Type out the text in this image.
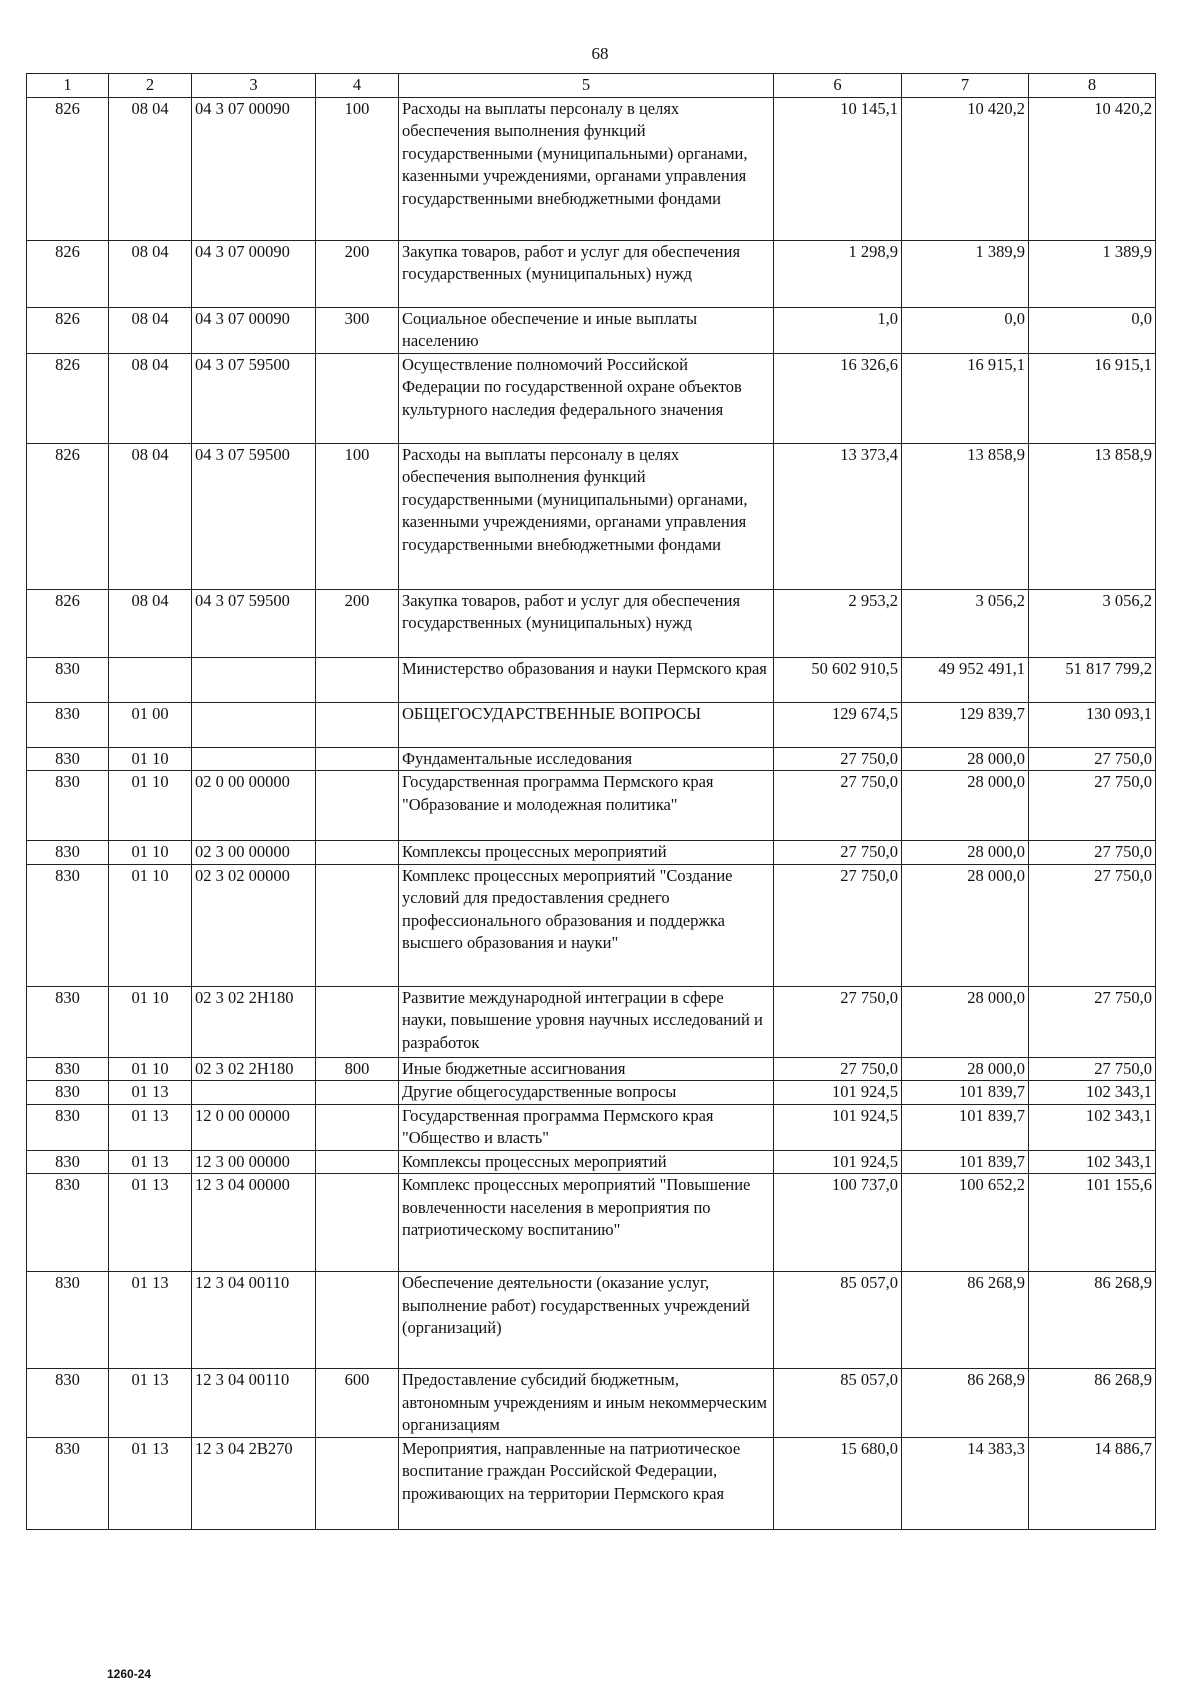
68
1	2	3	4	5	6	7	8
826	08 04	04 3 07 00090	100	Расходы на выплаты персоналу в целях обеспечения выполнения функций государственными (муниципальными) органами, казенными учреждениями, органами управления государственными внебюджетными фондами	10 145,1	10 420,2	10 420,2
826	08 04	04 3 07 00090	200	Закупка товаров, работ и услуг для обеспечения государственных (муниципальных) нужд	1 298,9	1 389,9	1 389,9
826	08 04	04 3 07 00090	300	Социальное обеспечение и иные выплаты населению	1,0	0,0	0,0
826	08 04	04 3 07 59500		Осуществление полномочий Российской Федерации по государственной охране объектов культурного наследия федерального значения	16 326,6	16 915,1	16 915,1
826	08 04	04 3 07 59500	100	Расходы на выплаты персоналу в целях обеспечения выполнения функций государственными (муниципальными) органами, казенными учреждениями, органами управления государственными внебюджетными фондами	13 373,4	13 858,9	13 858,9
826	08 04	04 3 07 59500	200	Закупка товаров, работ и услуг для обеспечения государственных (муниципальных) нужд	2 953,2	3 056,2	3 056,2
830				Министерство образования и науки Пермского края	50 602 910,5	49 952 491,1	51 817 799,2
830	01 00			ОБЩЕГОСУДАРСТВЕННЫЕ ВОПРОСЫ	129 674,5	129 839,7	130 093,1
830	01 10			Фундаментальные исследования	27 750,0	28 000,0	27 750,0
830	01 10	02 0 00 00000		Государственная программа Пермского края "Образование и молодежная политика"	27 750,0	28 000,0	27 750,0
830	01 10	02 3 00 00000		Комплексы процессных мероприятий	27 750,0	28 000,0	27 750,0
830	01 10	02 3 02 00000		Комплекс процессных мероприятий "Создание условий для предоставления среднего профессионального образования и поддержка высшего образования и науки"	27 750,0	28 000,0	27 750,0
830	01 10	02 3 02 2Н180		Развитие международной интеграции в сфере науки, повышение уровня научных исследований и разработок	27 750,0	28 000,0	27 750,0
830	01 10	02 3 02 2Н180	800	Иные бюджетные ассигнования	27 750,0	28 000,0	27 750,0
830	01 13			Другие общегосударственные вопросы	101 924,5	101 839,7	102 343,1
830	01 13	12 0 00 00000		Государственная программа Пермского края "Общество и власть"	101 924,5	101 839,7	102 343,1
830	01 13	12 3 00 00000		Комплексы процессных мероприятий	101 924,5	101 839,7	102 343,1
830	01 13	12 3 04 00000		Комплекс процессных мероприятий "Повышение вовлеченности населения в мероприятия по патриотическому воспитанию"	100 737,0	100 652,2	101 155,6
830	01 13	12 3 04 00110		Обеспечение деятельности (оказание услуг, выполнение работ) государственных учреждений (организаций)	85 057,0	86 268,9	86 268,9
830	01 13	12 3 04 00110	600	Предоставление субсидий бюджетным, автономным учреждениям и иным некоммерческим организациям	85 057,0	86 268,9	86 268,9
830	01 13	12 3 04 2В270		Мероприятия, направленные на патриотическое воспитание граждан Российской Федерации, проживающих на территории Пермского края	15 680,0	14 383,3	14 886,7
1260-24
